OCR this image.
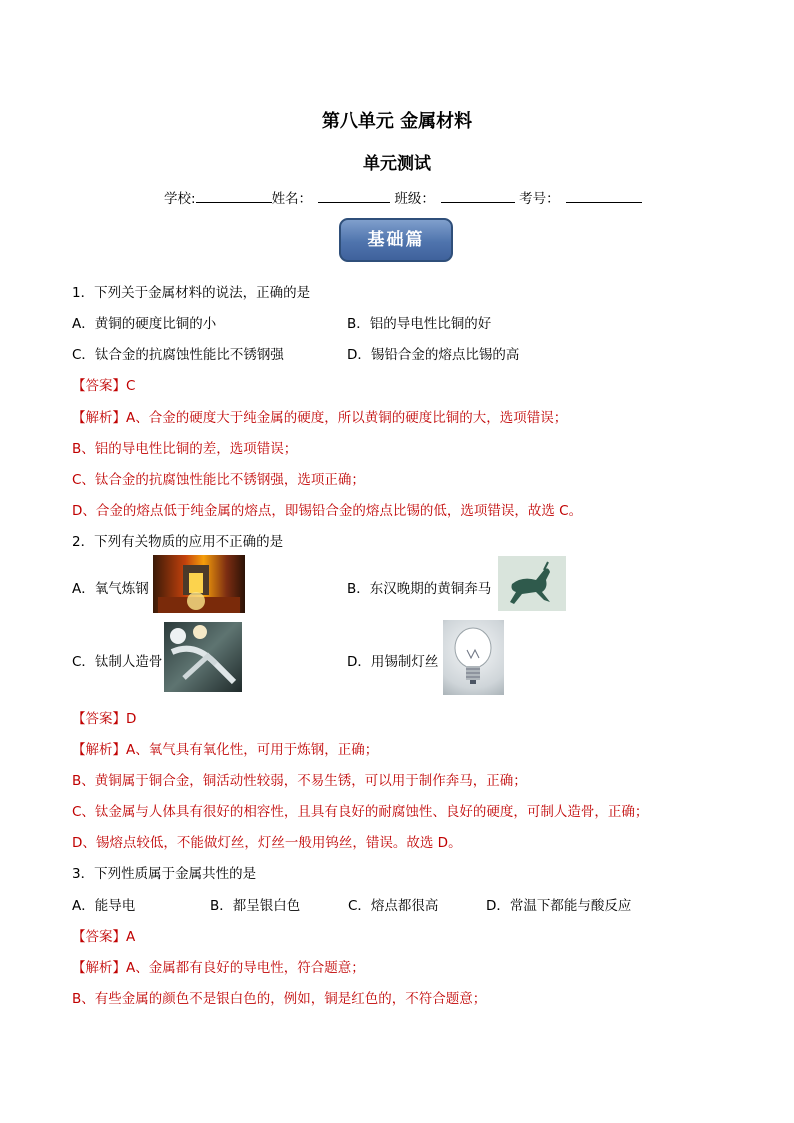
第八单元 金属材料
单元测试
学校:	姓名：	班级：	考号：
基础篇
1．下列关于金属材料的说法，正确的是
A．黄铜的硬度比铜的小	B．铝的导电性比铜的好
C．钛合金的抗腐蚀性能比不锈钢强	D．锡铅合金的熔点比锡的高
【答案】C
【解析】A、合金的硬度大于纯金属的硬度，所以黄铜的硬度比铜的大，选项错误；
B、铝的导电性比铜的差，选项错误；
C、钛合金的抗腐蚀性能比不锈钢强，选项正确；
D、合金的熔点低于纯金属的熔点，即锡铅合金的熔点比锡的低，选项错误，故选 C。
2．下列有关物质的应用不正确的是
A．氧气炼钢	B．东汉晚期的黄铜奔马
C．钛制人造骨	D．用锡制灯丝
【答案】D
【解析】A、氧气具有氧化性，可用于炼钢，正确；
B、黄铜属于铜合金，铜活动性较弱，不易生锈，可以用于制作奔马，正确；
C、钛金属与人体具有很好的相容性，且具有良好的耐腐蚀性、良好的硬度，可制人造骨，正确；
D、锡熔点较低，不能做灯丝，灯丝一般用钨丝，错误。故选 D。
3．下列性质属于金属共性的是
A．能导电	B．都呈银白色	C．熔点都很高	D．常温下都能与酸反应
【答案】A
【解析】A、金属都有良好的导电性，符合题意；
B、有些金属的颜色不是银白色的，例如，铜是红色的，不符合题意；
